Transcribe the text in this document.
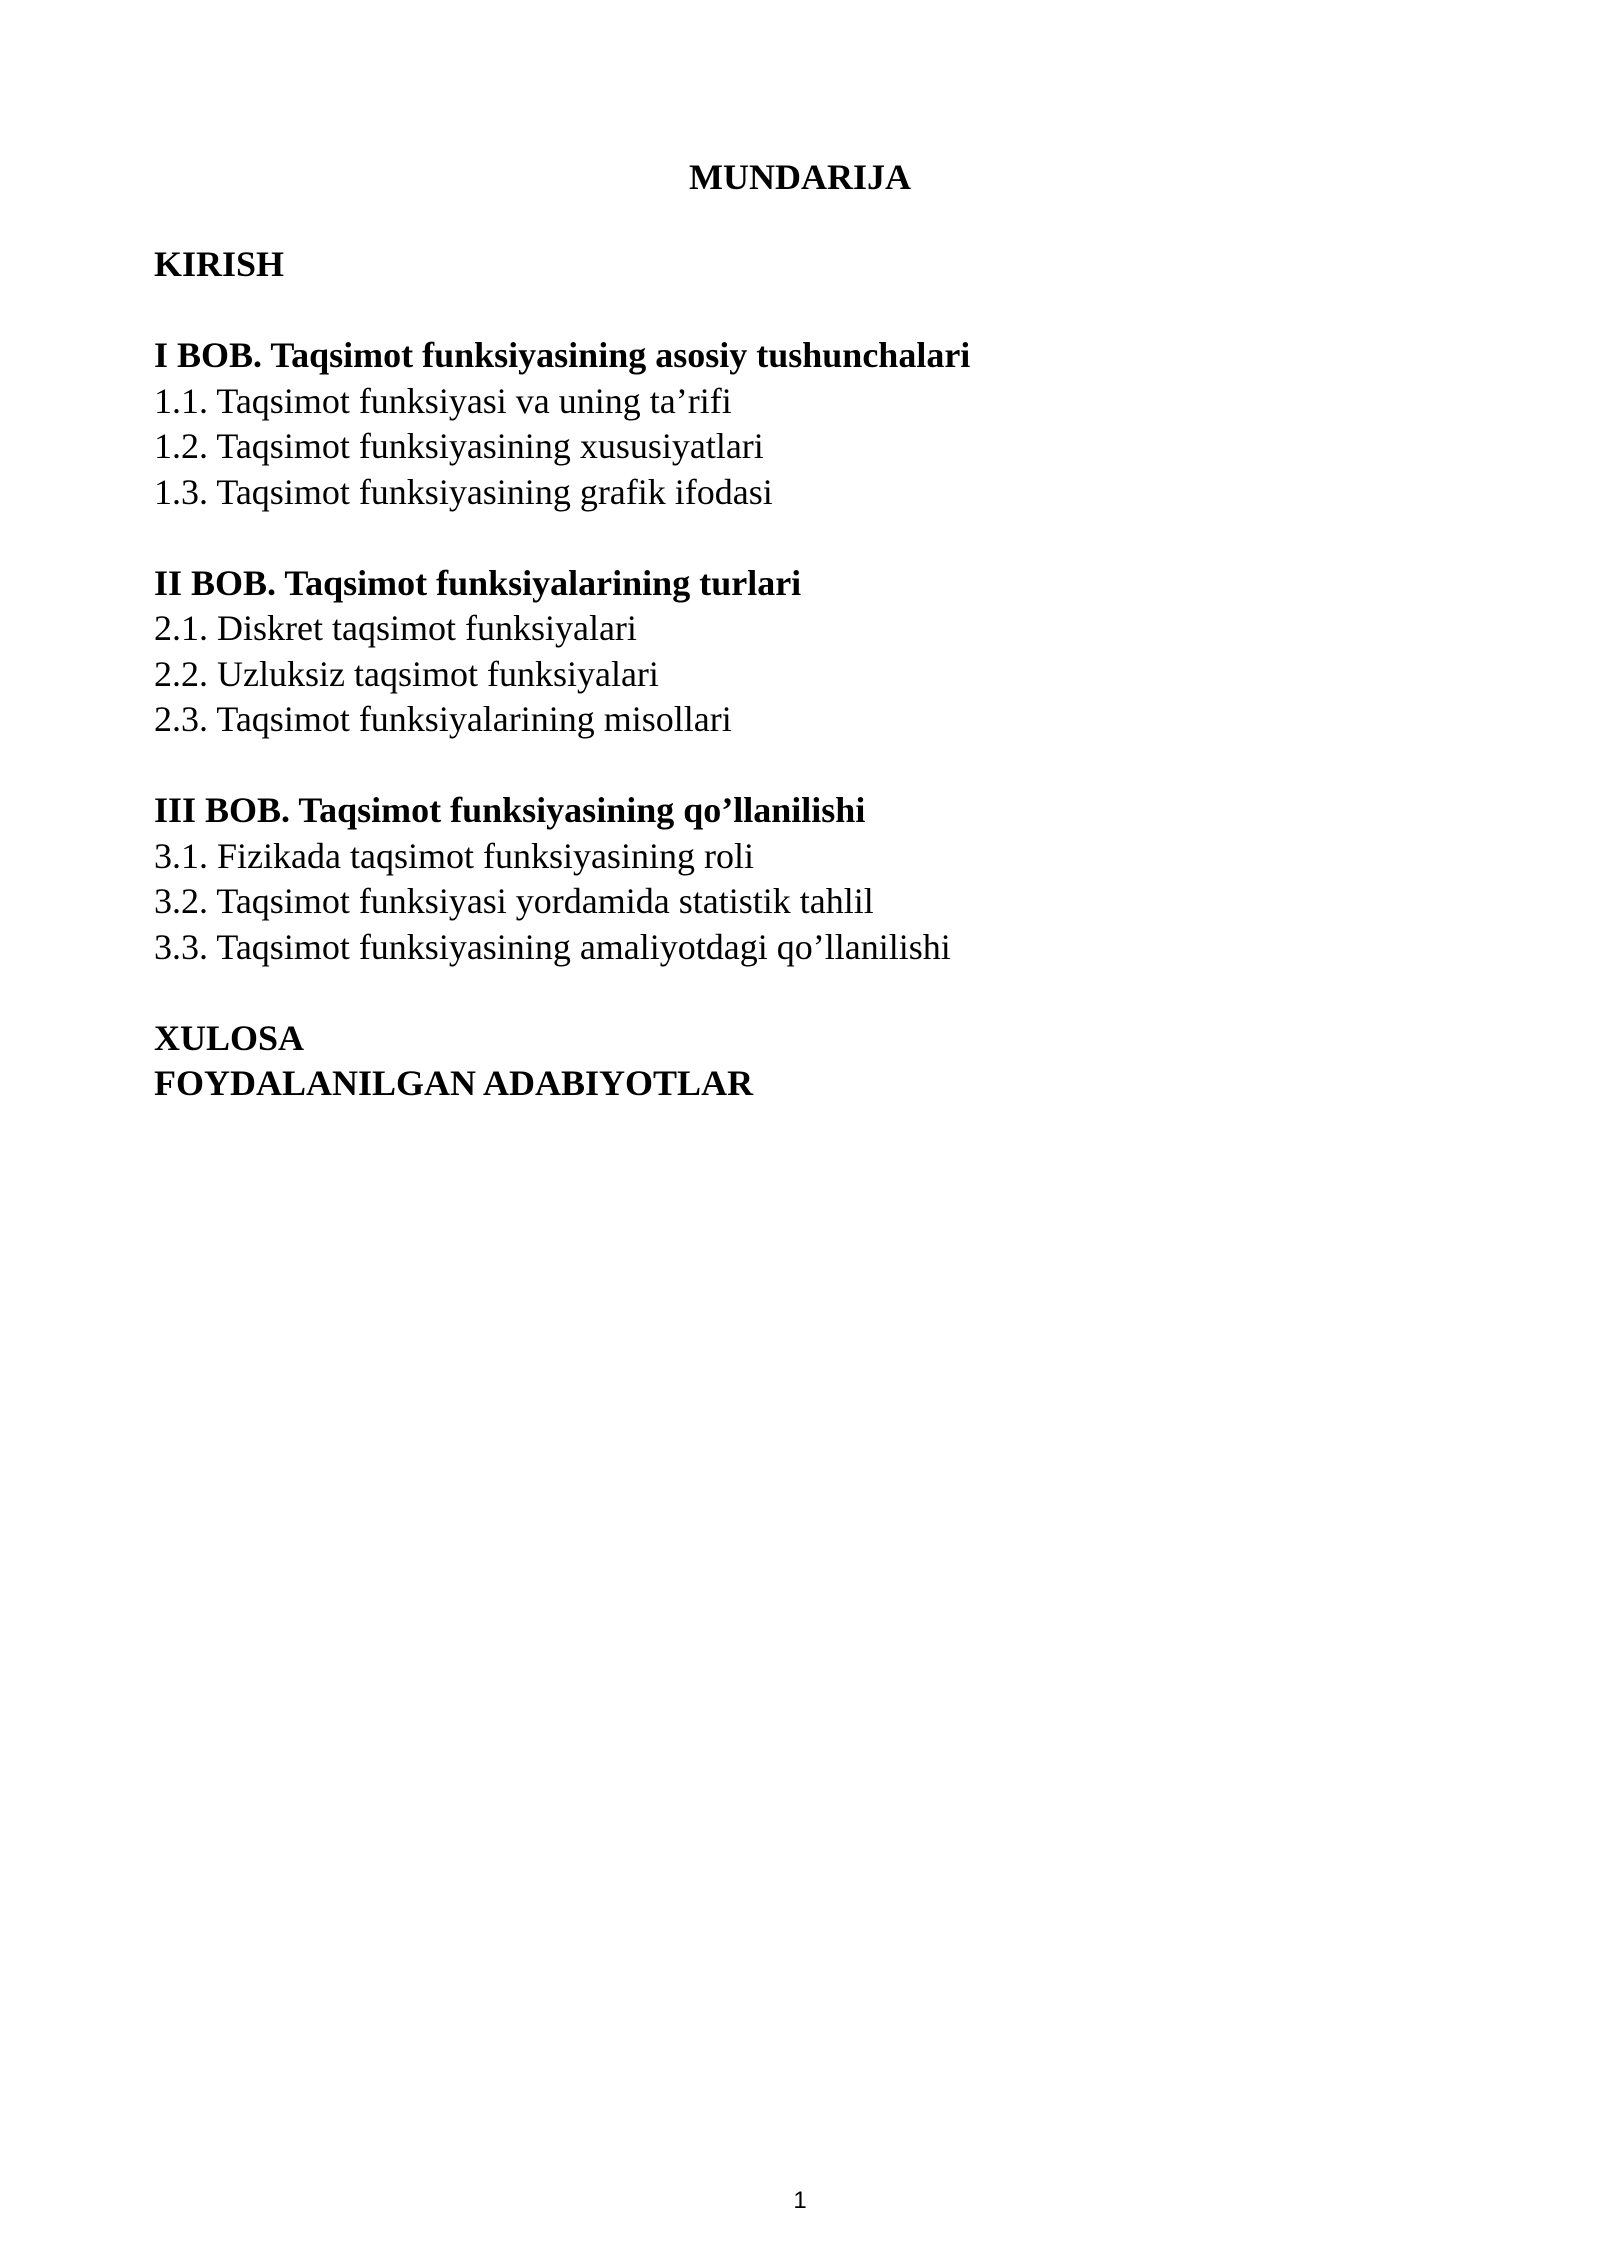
MUNDARIJA
KIRISH
I BOB. Taqsimot funksiyasining asosiy tushunchalari
1.1. Taqsimot funksiyasi va uning ta’rifi
1.2. Taqsimot funksiyasining xususiyatlari
1.3. Taqsimot funksiyasining grafik ifodasi
II BOB. Taqsimot funksiyalarining turlari
2.1. Diskret taqsimot funksiyalari
2.2. Uzluksiz taqsimot funksiyalari
2.3. Taqsimot funksiyalarining misollari
III BOB. Taqsimot funksiyasining qo’llanilishi
3.1. Fizikada taqsimot funksiyasining roli
3.2. Taqsimot funksiyasi yordamida statistik tahlil
3.3. Taqsimot funksiyasining amaliyotdagi qo’llanilishi
XULOSA
FOYDALANILGAN ADABIYOTLAR
1
